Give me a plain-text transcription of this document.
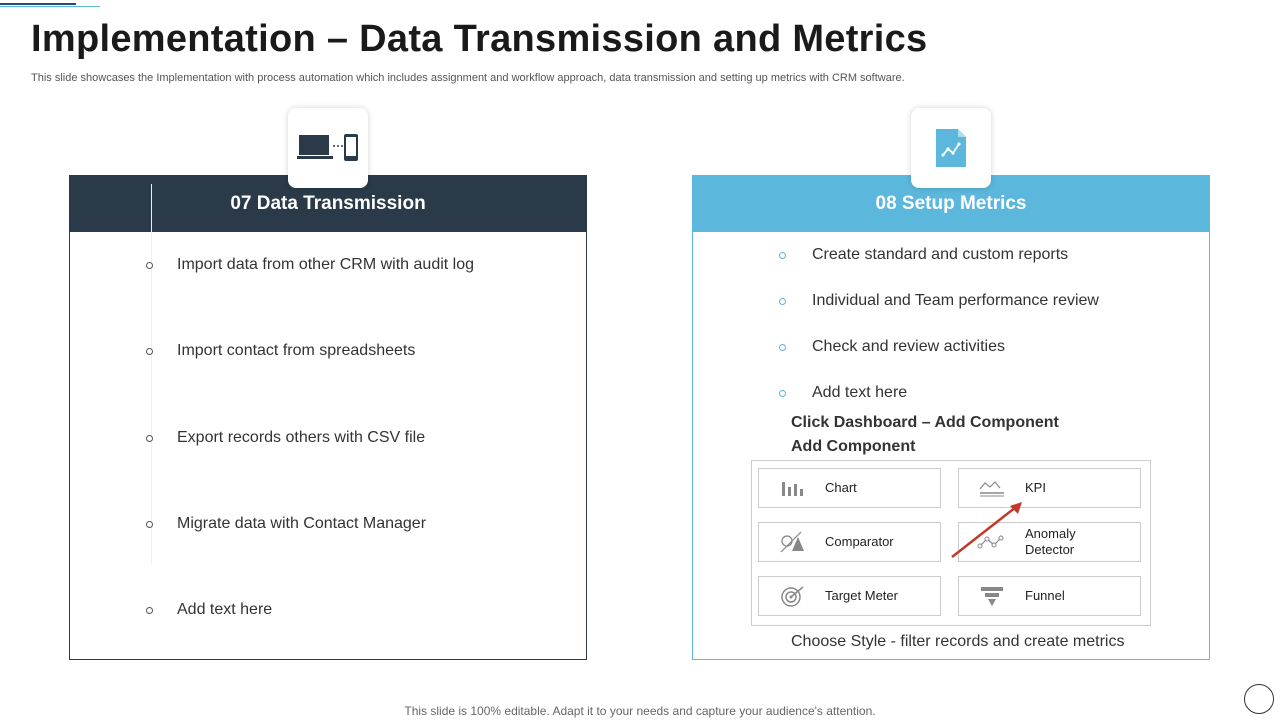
Implementation – Data Transmission and Metrics
This slide showcases the Implementation with process automation which includes assignment and workflow approach, data transmission and setting up metrics with CRM software.
07 Data Transmission
Import data from other CRM with audit log
Import contact from spreadsheets
Export records others with CSV file
Migrate data with Contact Manager
Add text here
08 Setup Metrics
Create standard and custom reports
Individual and Team performance review
Check and review activities
Add text here
Click Dashboard – Add Component
Add Component
Chart	KPI
Comparator
Anomaly Detector
Target Meter	Funnel
Choose Style - filter records and create metrics
This slide is 100% editable. Adapt it to your needs and capture your audience's attention.
